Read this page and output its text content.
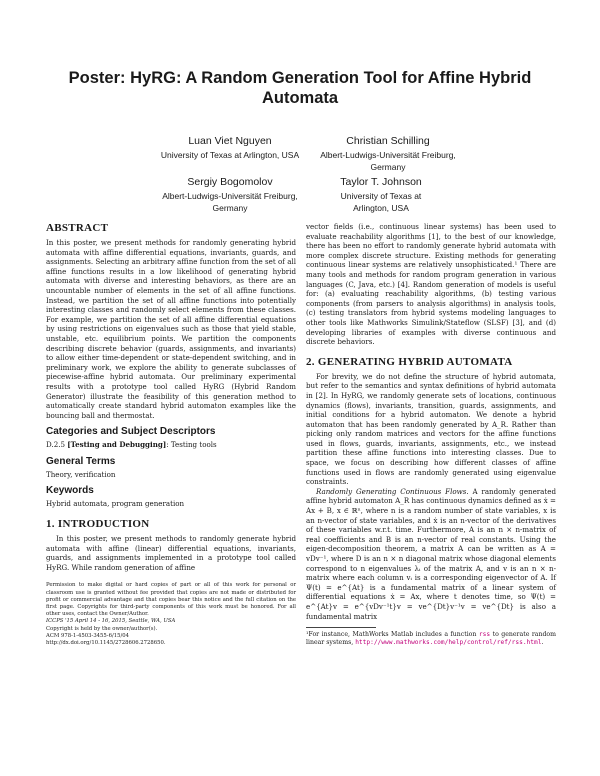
Poster: HyRG: A Random Generation Tool for Affine Hybrid Automata
Luan Viet Nguyen
University of Texas at Arlington, USA
Christian Schilling
Albert-Ludwigs-Universität Freiburg, Germany
Sergiy Bogomolov
Albert-Ludwigs-Universität Freiburg, Germany
Taylor T. Johnson
University of Texas at Arlington, USA
ABSTRACT

In this poster, we present methods for randomly generating hybrid automata with affine differential equations, invariants, guards, and assignments. Selecting an arbitrary affine function from the set of all affine functions results in a low likelihood of generating hybrid automata with diverse and interesting behaviors, as there are an uncountable number of elements in the set of all affine functions. Instead, we partition the set of all affine functions into potentially interesting classes and randomly select elements from these classes. For example, we partition the set of all affine differential equations by using restrictions on eigenvalues such as those that yield stable, unstable, etc. equilibrium points. We partition the components describing discrete behavior (guards, assignments, and invariants) to allow either time-dependent or state-dependent switching, and in preliminary work, we explore the ability to generate subclasses of piecewise-affine hybrid automata. Our preliminary experimental results with a prototype tool called HyRG (Hybrid Random Generator) illustrate the feasibility of this generation method to automatically create standard hybrid automaton examples like the bouncing ball and thermostat.

Categories and Subject Descriptors

D.2.5 [Testing and Debugging]: Testing tools

General Terms

Theory, verification

Keywords

Hybrid automata, program generation

1. INTRODUCTION

In this poster, we present methods to randomly generate hybrid automata with affine (linear) differential equations, invariants, guards, and assignments implemented in a prototype tool called HyRG. While random generation of affine

Permission to make digital or hard copies of part or all of this work for personal or classroom use is granted without fee provided that copies are not made or distributed for profit or commercial advantage and that copies bear this notice and the full citation on the first page. Copyrights for third-party components of this work must be honored. For all other uses, contact the Owner/Author.

ICCPS '15 April 14 - 16, 2015, Seattle, WA, USA

Copyright is held by the owner/author(s).

ACM 978-1-4503-3455-6/15/04

http://dx.doi.org/10.1145/2728606.2728650.

vector fields (i.e., continuous linear systems) has been used to evaluate reachability algorithms [1], to the best of our knowledge, there has been no effort to randomly generate hybrid automata with more complex discrete structure. Existing methods for generating continuous linear systems are relatively unsophisticated.¹ There are many tools and methods for random program generation in various languages (C, Java, etc.) [4]. Random generation of models is useful for: (a) evaluating reachability algorithms, (b) testing various components (from parsers to analysis algorithms) in analysis tools, (c) testing translators from hybrid systems modeling languages to other tools like Mathworks Simulink/Stateflow (SLSF) [3], and (d) developing libraries of examples with diverse continuous and discrete behaviors.

2. GENERATING HYBRID AUTOMATA

For brevity, we do not define the structure of hybrid automata, but refer to the semantics and syntax definitions of hybrid automata in [2]. In HyRG, we randomly generate sets of locations, continuous dynamics (flows), invariants, transition, guards, assignments, and initial conditions for a hybrid automaton. We denote a hybrid automaton that has been randomly generated by A_R. Rather than picking only random matrices and vectors for the affine functions used in flows, guards, invariants, assignments, etc., we instead partition these affine functions into interesting classes. Due to space, we focus on describing how different classes of affine functions used in flows are randomly generated using eigenvalue constraints.

Randomly Generating Continuous Flows. A randomly generated affine hybrid automaton A_R has continuous dynamics defined as ẋ = Ax + B, x ∈ ℝⁿ, where n is a random number of state variables, x is an n-vector of state variables, and ẋ is an n-vector of the derivatives of these variables w.r.t. time. Furthermore, A is an n × n-matrix of real coefficients and B is an n-vector of real constants. Using the eigen-decomposition theorem, a matrix A can be written as A = vDv⁻¹, where D is an n × n diagonal matrix whose diagonal elements correspond to n eigenvalues λᵢ of the matrix A, and v is an n × n-matrix where each column vᵢ is a corresponding eigenvector of A. If Ψ(t) = e^{At} is a fundamental matrix of a linear system of differential equations ẋ = Ax, where t denotes time, so Ψ(t) = e^{At}v = e^{vDv⁻¹t}v = ve^{Dt}v⁻¹v = ve^{Dt} is also a fundamental matrix

¹For instance, MathWorks Matlab includes a function rss to generate random linear systems, http://www.mathworks.com/help/control/ref/rss.html.
